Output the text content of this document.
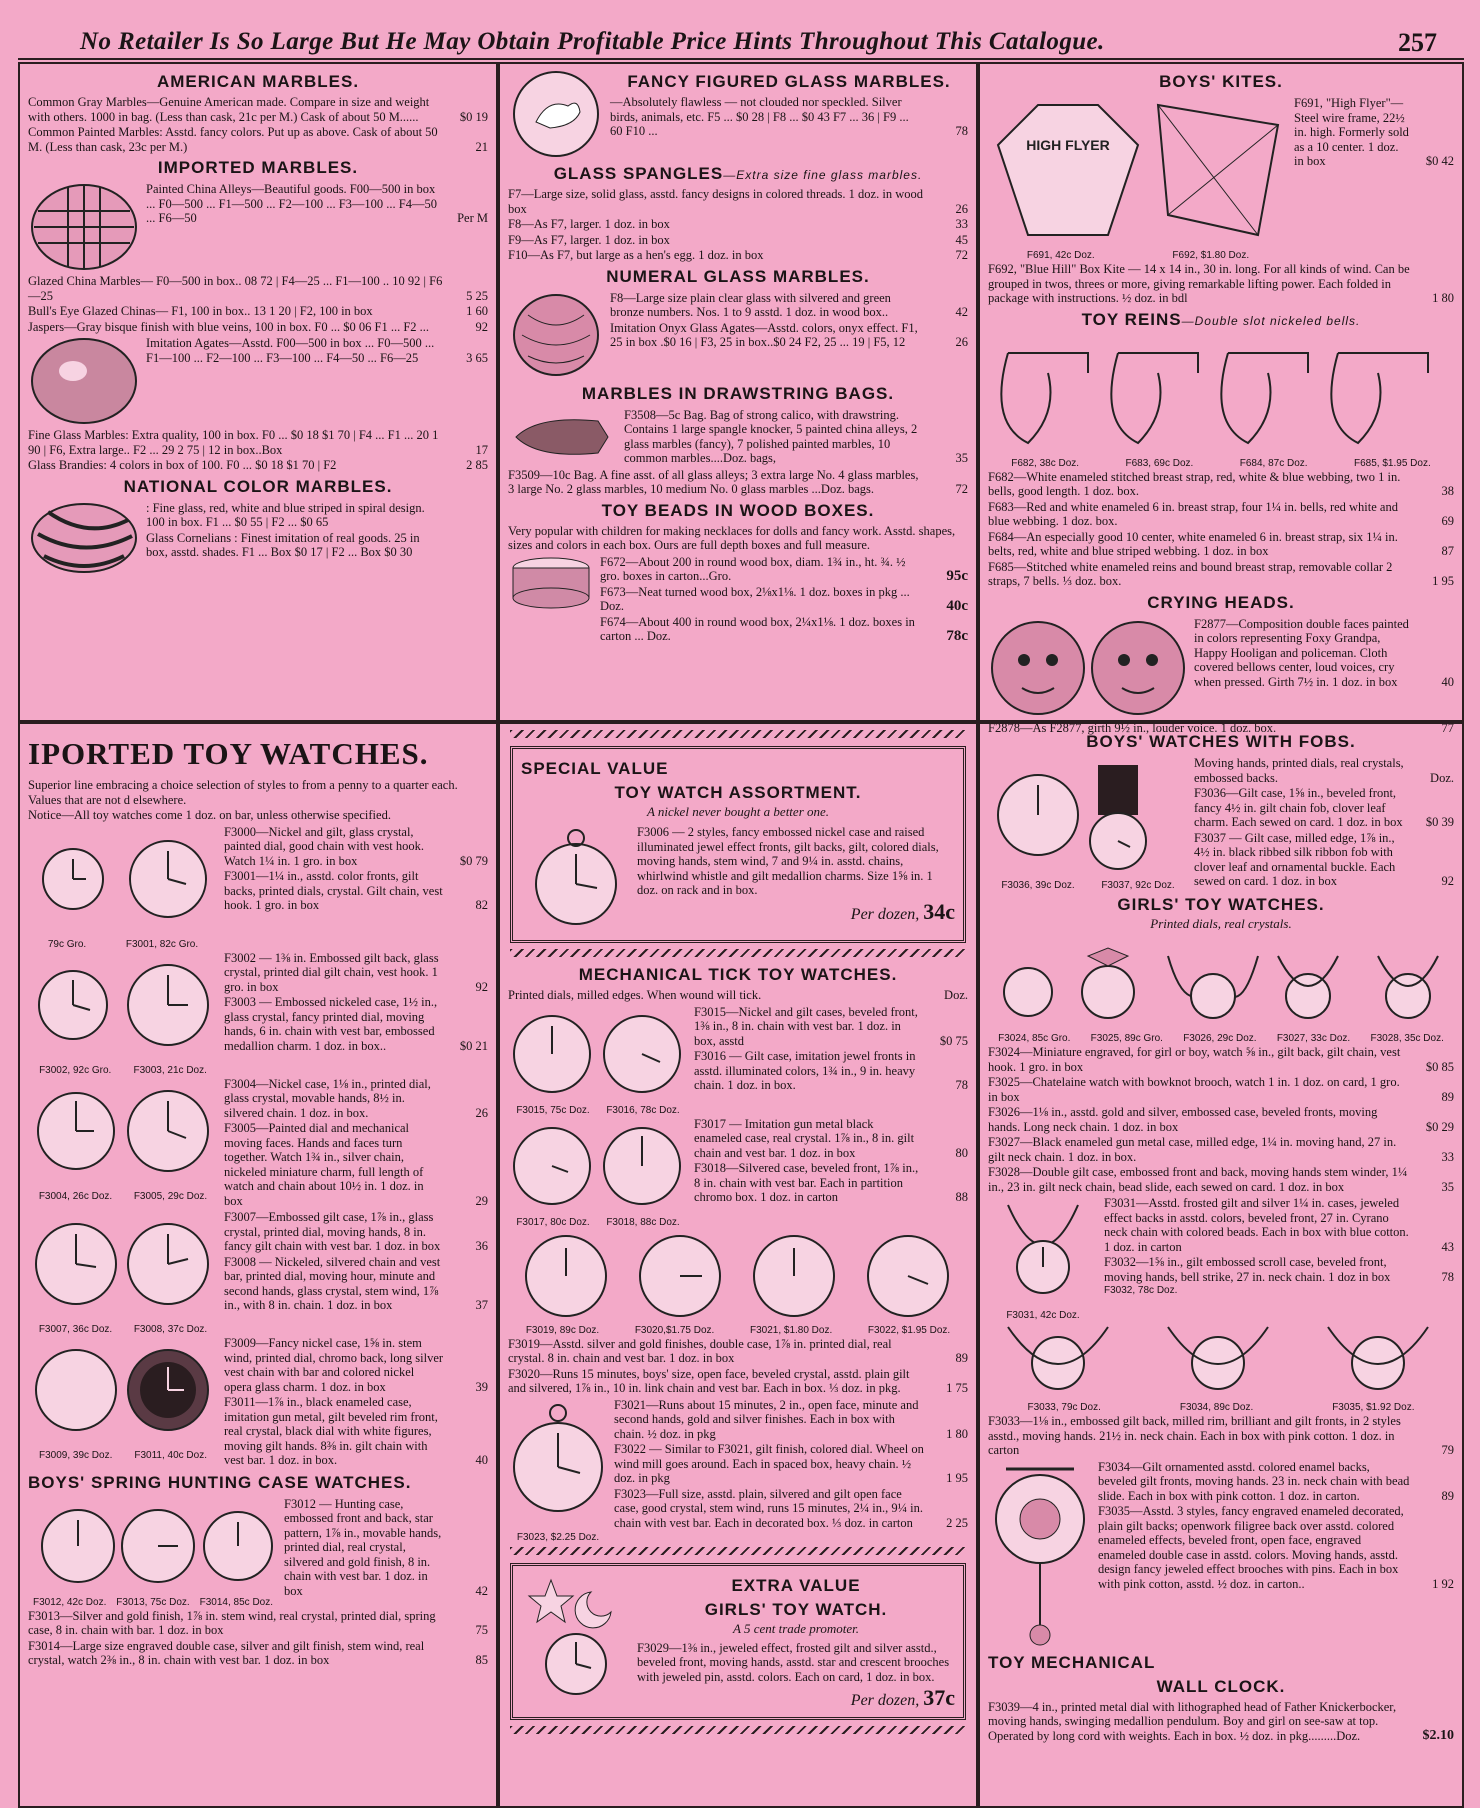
No Retailer Is So Large But He May Obtain Profitable Price Hints Throughout This Catalogue.	257
AMERICAN MARBLES.
Common Gray Marbles—Genuine American made. Compare in size and weight with others. 1000 in bag. (Less than cask, 21c per M.) Cask of about 50 M......	$0 19
Common Painted Marbles: Asstd. fancy colors. Put up as above. Cask of about 50 M. (Less than cask, 23c per M.)	21
IMPORTED MARBLES.
Painted China Alleys—Beautiful goods. F00—500 in box ... F0—500 ... F1—500 ... F2—100 ... F3—100 ... F4—50 ... F6—50	Per M
Glazed China Marbles— F0—500 in box.. 08 72 | F4—25 ... F1—100 .. 10 92 | F6—25	5 25
Bull's Eye Glazed Chinas— F1, 100 in box.. 13 1 20 | F2, 100 in box	1 60
Jaspers—Gray bisque finish with blue veins, 100 in box. F0 ... $0 06 F1 ... F2 ...	92
Imitation Agates—Asstd. F00—500 in box ... F0—500 ... F1—100 ... F2—100 ... F3—100 ... F4—50 ... F6—25	3 65
Fine Glass Marbles: Extra quality, 100 in box. F0 ... $0 18 $1 70 | F4 ... F1 ... 20 1 90 | F6, Extra large.. F2 ... 29 2 75 | 12 in box..Box	17
Glass Brandies: 4 colors in box of 100. F0 ... $0 18 $1 70 | F2	2 85
NATIONAL COLOR MARBLES.
: Fine glass, red, white and blue striped in spiral design. 100 in box. F1 ... $0 55 | F2 ... $0 65
Glass Cornelians : Finest imitation of real goods. 25 in box, asstd. shades. F1 ... Box $0 17 | F2 ... Box $0 30
FANCY FIGURED GLASS MARBLES.
—Absolutely flawless — not clouded nor speckled. Silver birds, animals, etc. F5 ... $0 28 | F8 ... $0 43 F7 ... 36 | F9 ... 60 F10 ...	78
GLASS SPANGLES—Extra size fine glass marbles.
F7—Large size, solid glass, asstd. fancy designs in colored threads. 1 doz. in wood box	26
F8—As F7, larger. 1 doz. in box	33
F9—As F7, larger. 1 doz. in box	45
F10—As F7, but large as a hen's egg. 1 doz. in box	72
NUMERAL GLASS MARBLES.
F8—Large size plain clear glass with silvered and green bronze numbers. Nos. 1 to 9 asstd. 1 doz. in wood box..	42
Imitation Onyx Glass Agates—Asstd. colors, onyx effect. F1, 25 in box .$0 16 | F3, 25 in box..$0 24 F2, 25 ... 19 | F5, 12	26
MARBLES IN DRAWSTRING BAGS.
F3508—5c Bag. Bag of strong calico, with drawstring. Contains 1 large spangle knocker, 5 painted china alleys, 2 glass marbles (fancy), 7 polished painted marbles, 10 common marbles....Doz. bags,	35
F3509—10c Bag. A fine asst. of all glass alleys; 3 extra large No. 4 glass marbles, 3 large No. 2 glass marbles, 10 medium No. 0 glass marbles ...Doz. bags.	72
TOY BEADS IN WOOD BOXES.
Very popular with children for making necklaces for dolls and fancy work. Asstd. shapes, sizes and colors in each box. Ours are full depth boxes and full measure.
F672—About 200 in round wood box, diam. 1¾ in., ht. ¾. ½ gro. boxes in carton...Gro.	95c
F673—Neat turned wood box, 2⅛x1⅛. 1 doz. boxes in pkg ... Doz.	40c
F674—About 400 in round wood box, 2¼x1⅛. 1 doz. boxes in carton ... Doz.	78c
BOYS' KITES.
HIGH FLYER
F691, 42c Doz.	F692, $1.80 Doz.
F691, "High Flyer"—Steel wire frame, 22½ in. high. Formerly sold as a 10 center. 1 doz. in box	$0 42
F692, "Blue Hill" Box Kite — 14 x 14 in., 30 in. long. For all kinds of wind. Can be grouped in twos, threes or more, giving remarkable lifting power. Each folded in package with instructions. ½ doz. in bdl	1 80
TOY REINS—Double slot nickeled bells.
F682, 38c Doz.	F683, 69c Doz.	F684, 87c Doz.	F685, $1.95 Doz.
F682—White enameled stitched breast strap, red, white & blue webbing, two 1 in. bells, good length. 1 doz. box.	38
F683—Red and white enameled 6 in. breast strap, four 1¼ in. bells, red white and blue webbing. 1 doz. box.	69
F684—An especially good 10 center, white enameled 6 in. breast strap, six 1¼ in. belts, red, white and blue striped webbing. 1 doz. in box	87
F685—Stitched white enameled reins and bound breast strap, removable collar 2 straps, 7 bells. ⅓ doz. box.	1 95
CRYING HEADS.
F2877—Composition double faces painted in colors representing Foxy Grandpa, Happy Hooligan and policeman. Cloth covered bellows center, loud voices, cry when pressed. Girth 7½ in. 1 doz. in box	40
F2878—As F2877, girth 9½ in., louder voice. 1 doz. box.	77
IPORTED TOY WATCHES.
Superior line embracing a choice selection of styles to from a penny to a quarter each. Values that are not d elsewhere.
Notice—All toy watches come 1 doz. on bar, unless otherwise specified.
79c Gro.	F3001, 82c Gro.
F3000—Nickel and gilt, glass crystal, painted dial, good chain with vest hook. Watch 1¼ in. 1 gro. in box	$0 79
F3001—1¼ in., asstd. color fronts, gilt backs, printed dials, crystal. Gilt chain, vest hook. 1 gro. in box	82
F3002, 92c Gro. F3003, 21c Doz.
F3002 — 1⅜ in. Embossed gilt back, glass crystal, printed dial gilt chain, vest hook. 1 gro. in box	92
F3003 — Embossed nickeled case, 1½ in., glass crystal, fancy printed dial, moving hands, 6 in. chain with vest bar, embossed medallion charm. 1 doz. in box..	$0 21
F3004, 26c Doz. F3005, 29c Doz.
F3004—Nickel case, 1⅛ in., printed dial, glass crystal, movable hands, 8½ in. silvered chain. 1 doz. in box.	26
F3005—Painted dial and mechanical moving faces. Hands and faces turn together. Watch 1¾ in., silver chain, nickeled miniature charm, full length of watch and chain about 10½ in. 1 doz. in box	29
F3007, 36c Doz. F3008, 37c Doz.
F3007—Embossed gilt case, 1⅞ in., glass crystal, printed dial, moving hands, 8 in. fancy gilt chain with vest bar. 1 doz. in box	36
F3008 — Nickeled, silvered chain and vest bar, printed dial, moving hour, minute and second hands, glass crystal, stem wind, 1⅞ in., with 8 in. chain. 1 doz. in box	37
F3009, 39c Doz. F3011, 40c Doz.
F3009—Fancy nickel case, 1⅝ in. stem wind, printed dial, chromo back, long silver vest chain with bar and colored nickel opera glass charm. 1 doz. in box	39
F3011—1⅞ in., black enameled case, imitation gun metal, gilt beveled rim front, real crystal, black dial with white figures, moving gilt hands. 8⅜ in. gilt chain with vest bar. 1 doz. in box.	40
BOYS' SPRING HUNTING CASE WATCHES.
F3012, 42c Doz. F3013, 75c Doz. F3014, 85c Doz.
F3012 — Hunting case, embossed front and back, star pattern, 1⅞ in., movable hands, printed dial, real crystal, silvered and gold finish, 8 in. chain with vest bar. 1 doz. in box	42
F3013—Silver and gold finish, 1⅞ in. stem wind, real crystal, printed dial, spring case, 8 in. chain with bar. 1 doz. in box	75
F3014—Large size engraved double case, silver and gilt finish, stem wind, real crystal, watch 2⅜ in., 8 in. chain with vest bar. 1 doz. in box	85
SPECIAL VALUE
TOY WATCH ASSORTMENT.
A nickel never bought a better one.
F3006 — 2 styles, fancy embossed nickel case and raised illuminated jewel effect fronts, gilt backs, gilt, colored dials, moving hands, stem wind, 7 and 9¼ in. asstd. chains, whirlwind whistle and gilt medallion charms. Size 1⅝ in. 1 doz. on rack and in box.
Per dozen, 34c
MECHANICAL TICK TOY WATCHES.
Printed dials, milled edges. When wound will tick.	Doz.
F3015, 75c Doz. F3016, 78c Doz.
F3015—Nickel and gilt cases, beveled front, 1⅜ in., 8 in. chain with vest bar. 1 doz. in box, asstd	$0 75
F3016 — Gilt case, imitation jewel fronts in asstd. illuminated colors, 1¾ in., 9 in. heavy chain. 1 doz. in box.	78
F3017, 80c Doz. F3018, 88c Doz.
F3017 — Imitation gun metal black enameled case, real crystal. 1⅞ in., 8 in. gilt chain and vest bar. 1 doz. in box	80
F3018—Silvered case, beveled front, 1⅞ in., 8 in. chain with vest bar. Each in partition chromo box. 1 doz. in carton	88
F3019, 89c Doz.	F3020,$1.75 Doz.	F3021, $1.80 Doz.	F3022, $1.95 Doz.
F3019—Asstd. silver and gold finishes, double case, 1⅞ in. printed dial, real crystal. 8 in. chain and vest bar. 1 doz. in box	89
F3020—Runs 15 minutes, boys' size, open face, beveled crystal, asstd. plain gilt and silvered, 1⅞ in., 10 in. link chain and vest bar. Each in box. ⅓ doz. in pkg.	1 75
F3023, $2.25 Doz.
F3021—Runs about 15 minutes, 2 in., open face, minute and second hands, gold and silver finishes. Each in box with chain. ½ doz. in pkg	1 80
F3022 — Similar to F3021, gilt finish, colored dial. Wheel on wind mill goes around. Each in spaced box, heavy chain. ½ doz. in pkg	1 95
F3023—Full size, asstd. plain, silvered and gilt open face case, good crystal, stem wind, runs 15 minutes, 2¼ in., 9¼ in. chain with vest bar. Each in decorated box. ⅓ doz. in carton	2 25
EXTRA VALUE
GIRLS' TOY WATCH.
A 5 cent trade promoter.
F3029—1⅜ in., jeweled effect, frosted gilt and silver asstd., beveled front, moving hands, asstd. star and crescent brooches with jeweled pin, asstd. colors. Each on card, 1 doz. in box.
Per dozen, 37c
BOYS' WATCHES WITH FOBS.
F3036, 39c Doz.	F3037, 92c Doz.
Moving hands, printed dials, real crystals, embossed backs.	Doz.
F3036—Gilt case, 1⅝ in., beveled front, fancy 4½ in. gilt chain fob, clover leaf charm. Each sewed on card. 1 doz. in box $0 39
F3037 — Gilt case, milled edge, 1⅞ in., 4½ in. black ribbed silk ribbon fob with clover leaf and ornamental buckle. Each sewed on card. 1 doz. in box	92
GIRLS' TOY WATCHES.
Printed dials, real crystals.
F3024, 85c Gro. F3025, 89c Gro. F3026, 29c Doz. F3027, 33c Doz. F3028, 35c Doz.
F3024—Miniature engraved, for girl or boy, watch ⅝ in., gilt back, gilt chain, vest hook. 1 gro. in box	$0 85
F3025—Chatelaine watch with bowknot brooch, watch 1 in. 1 doz. on card, 1 gro. in box	89
F3026—1⅛ in., asstd. gold and silver, embossed case, beveled fronts, moving hands. Long neck chain. 1 doz. in box	$0 29
F3027—Black enameled gun metal case, milled edge, 1¼ in. moving hand, 27 in. gilt neck chain. 1 doz. in box.	33
F3028—Double gilt case, embossed front and back, moving hands stem winder, 1¼ in., 23 in. gilt neck chain, bead slide, each sewed on card. 1 doz. in box	35
F3031, 42c Doz.
F3031—Asstd. frosted gilt and silver 1¼ in. cases, jeweled effect backs in asstd. colors, beveled front, 27 in. Cyrano neck chain with colored beads. Each in box with blue cotton. 1 doz. in carton	43
F3032—1⅝ in., gilt embossed scroll case, beveled front, moving hands, bell strike, 27 in. neck chain. 1 doz in box	78
F3032, 78c Doz.
F3033, 79c Doz.	F3034, 89c Doz.	F3035, $1.92 Doz.
F3033—1⅛ in., embossed gilt back, milled rim, brilliant and gilt fronts, in 2 styles asstd., moving hands. 21½ in. neck chain. Each in box with pink cotton. 1 doz. in carton	79
F3034—Gilt ornamented asstd. colored enamel backs, beveled gilt fronts, moving hands. 23 in. neck chain with bead slide. Each in box with pink cotton. 1 doz. in carton.	89
F3035—Asstd. 3 styles, fancy engraved enameled decorated, plain gilt backs; openwork filigree back over asstd. colored enameled effects, beveled front, open face, engraved enameled double case in asstd. colors. Moving hands, asstd. design fancy jeweled effect brooches with pins. Each in box with pink cotton, asstd. ½ doz. in carton..	1 92
TOY MECHANICAL
WALL CLOCK.
F3039—4 in., printed metal dial with lithographed head of Father Knickerbocker, moving hands, swinging medallion pendulum. Boy and girl on see-saw at top. Operated by long cord with weights. Each in box. ½ doz. in pkg.........Doz.	$2.10
